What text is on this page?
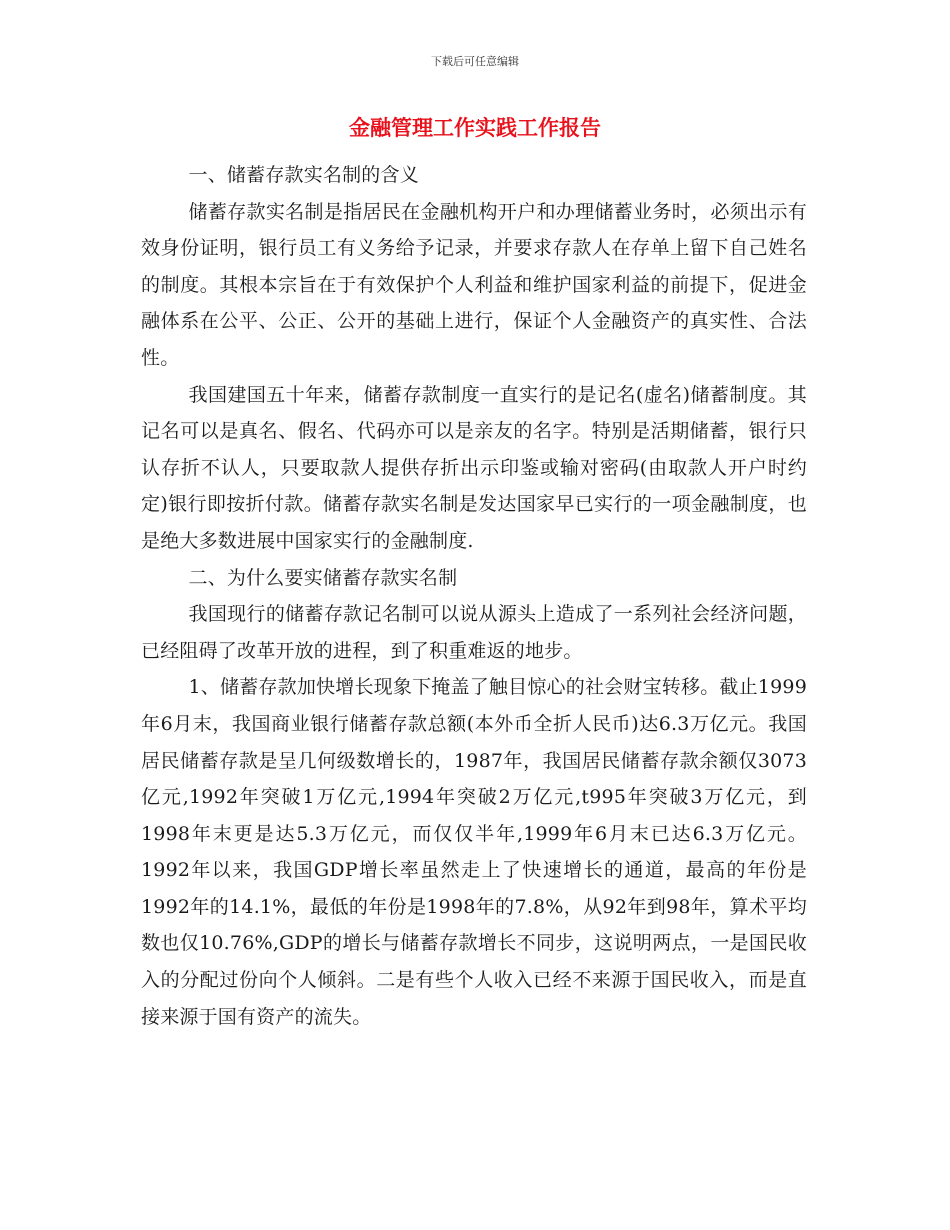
下载后可任意编辑
金融管理工作实践工作报告

一、储蓄存款实名制的含义

储蓄存款实名制是指居民在金融机构开户和办理储蓄业务时，必须出示有效身份证明，银行员工有义务给予记录，并要求存款人在存单上留下自己姓名的制度。其根本宗旨在于有效保护个人利益和维护国家利益的前提下，促进金融体系在公平、公正、公开的基础上进行，保证个人金融资产的真实性、合法性。

我国建国五十年来，储蓄存款制度一直实行的是记名(虚名)储蓄制度。其记名可以是真名、假名、代码亦可以是亲友的名字。特别是活期储蓄，银行只认存折不认人，只要取款人提供存折出示印鉴或输对密码(由取款人开户时约定)银行即按折付款。储蓄存款实名制是发达国家早已实行的一项金融制度，也是绝大多数进展中国家实行的金融制度.

二、为什么要实储蓄存款实名制

我国现行的储蓄存款记名制可以说从源头上造成了一系列社会经济问题，已经阻碍了改革开放的进程，到了积重难返的地步。

1、储蓄存款加快增长现象下掩盖了触目惊心的社会财宝转移。截止1999年6月末，我国商业银行储蓄存款总额(本外币全折人民币)达6.3万亿元。我国居民储蓄存款是呈几何级数增长的，1987年，我国居民储蓄存款余额仅3073亿元,1992年突破1万亿元,1994年突破2万亿元,t995年突破3万亿元，到1998年末更是达5.3万亿元，而仅仅半年,1999年6月末已达6.3万亿元。1992年以来，我国GDP增长率虽然走上了快速增长的通道，最高的年份是1992年的14.1%，最低的年份是1998年的7.8%，从92年到98年，算术平均数也仅10.76%,GDP的增长与储蓄存款增长不同步，这说明两点，一是国民收入的分配过份向个人倾斜。二是有些个人收入已经不来源于国民收入，而是直接来源于国有资产的流失。
